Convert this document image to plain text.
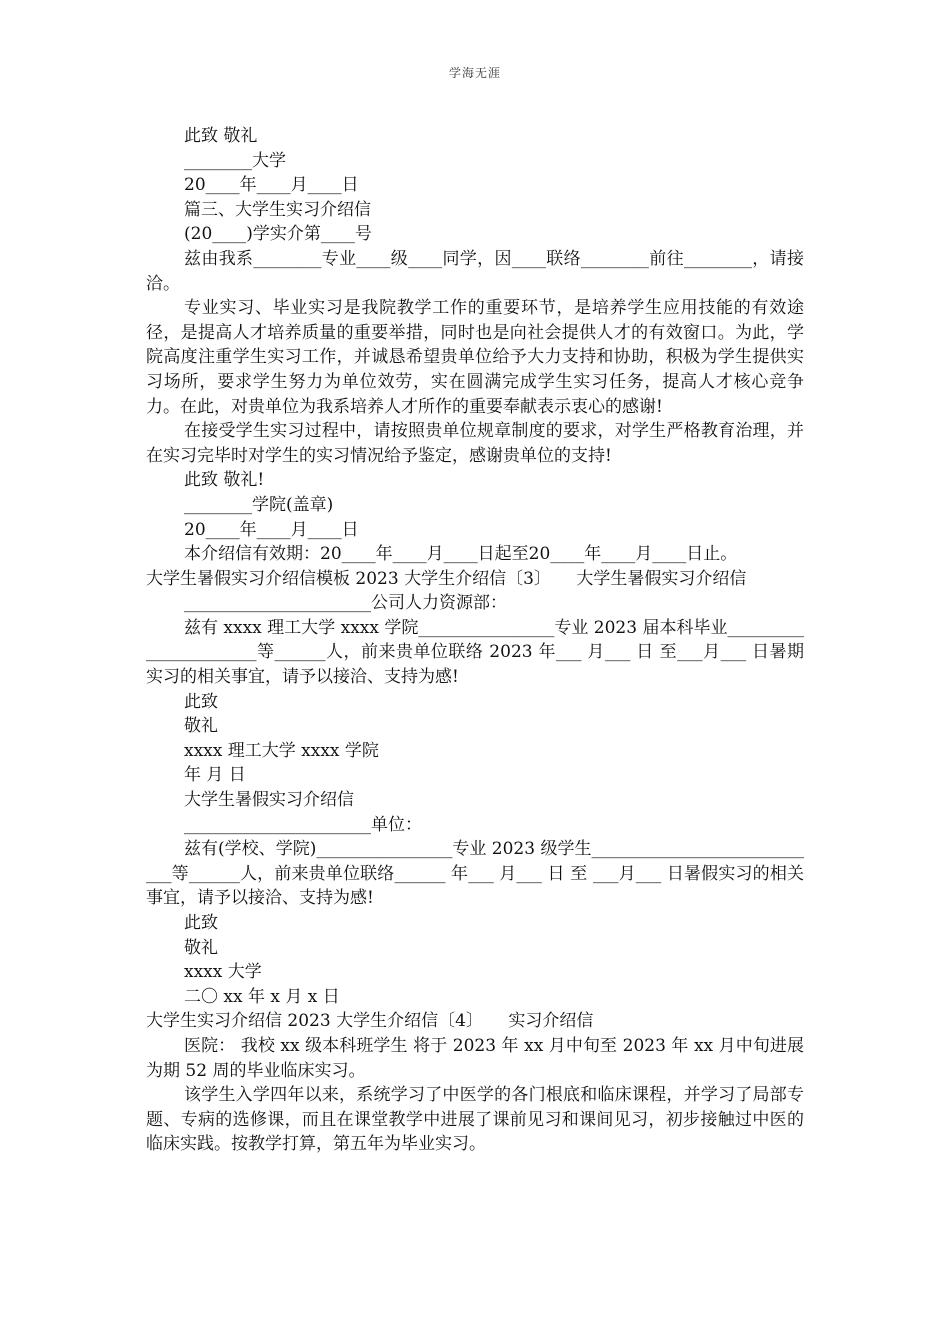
学海无涯

此致 敬礼

________大学

20____年____月____日

篇三、大学生实习介绍信

(20____)学实介第____号

兹由我系________专业____级____同学，因____联络________前往________，请接洽。

专业实习、毕业实习是我院教学工作的重要环节，是培养学生应用技能的有效途径，是提高人才培养质量的重要举措，同时也是向社会提供人才的有效窗口。为此，学院高度注重学生实习工作，并诚恳希望贵单位给予大力支持和协助，积极为学生提供实习场所，要求学生努力为单位效劳，实在圆满完成学生实习任务，提高人才核心竞争力。在此，对贵单位为我系培养人才所作的重要奉献表示衷心的感谢!

在接受学生实习过程中，请按照贵单位规章制度的要求，对学生严格教育治理，并在实习完毕时对学生的实习情况给予鉴定，感谢贵单位的支持!

此致 敬礼!

________学院(盖章)

20____年____月____日

本介绍信有效期：20____年____月____日起至20____年____月____日止。

大学生暑假实习介绍信模板 2023 大学生介绍信〔3〕　　大学生暑假实习介绍信

______________________公司人力资源部：

兹有 xxxx 理工大学 xxxx 学院________________专业 2023 届本科毕业______________________等______人，前来贵单位联络 2023 年___ 月___ 日 至___月___ 日暑期实习的相关事宜，请予以接洽、支持为感!

此致

敬礼

xxxx 理工大学 xxxx 学院

年 月 日

大学生暑假实习介绍信

______________________单位：

兹有(学校、学院)________________专业 2023 级学生____________________________等______人，前来贵单位联络______ 年___ 月___ 日 至 ___月___ 日暑假实习的相关事宜，请予以接洽、支持为感!

此致

敬礼

xxxx 大学

二〇 xx 年 x 月 x 日

大学生实习介绍信 2023 大学生介绍信〔4〕　　实习介绍信

医院： 我校 xx 级本科班学生 将于 2023 年 xx 月中旬至 2023 年 xx 月中旬进展为期 52 周的毕业临床实习。

该学生入学四年以来，系统学习了中医学的各门根底和临床课程，并学习了局部专题、专病的选修课，而且在课堂教学中进展了课前见习和课间见习，初步接触过中医的临床实践。按教学打算，第五年为毕业实习。
